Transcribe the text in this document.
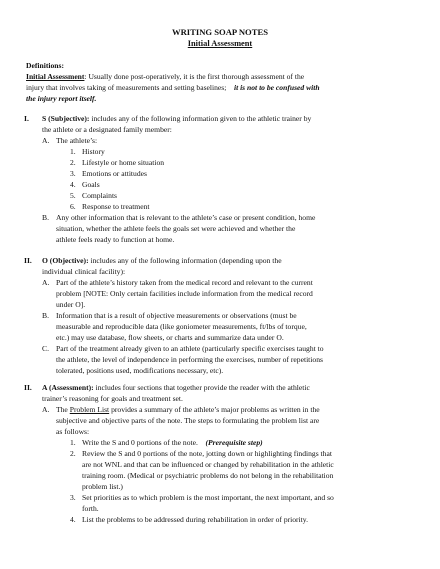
WRITING SOAP NOTES
Initial Assessment
Definitions:
Initial Assessment: Usually done post-operatively, it is the first thorough assessment of the
injury that involves taking of measurements and setting baselines; it is not to be confused with
the injury report itself.
I. S (Subjective): includes any of the following information given to the athletic trainer by
the athlete or a designated family member:
A. The athlete’s:
1. History
2. Lifestyle or home situation
3. Emotions or attitudes
4. Goals
5. Complaints
6. Response to treatment
B. Any other information that is relevant to the athlete’s case or present condition, home
situation, whether the athlete feels the goals set were achieved and whether the
athlete feels ready to function at home.
II. O (Objective): includes any of the following information (depending upon the
individual clinical facility):
A. Part of the athlete’s history taken from the medical record and relevant to the current
problem [NOTE: Only certain facilities include information from the medical record
under O].
B. Information that is a result of objective measurements or observations (must be
measurable and reproducible data (like goniometer measurements, ft/lbs of torque,
etc.) may use database, flow sheets, or charts and summarize data under O.
C. Part of the treatment already given to an athlete (particularly specific exercises taught to
the athlete, the level of independence in performing the exercises, number of repetitions
tolerated, positions used, modifications necessary, etc).
II. A (Assessment): includes four sections that together provide the reader with the athletic
trainer’s reasoning for goals and treatment set.
A. The Problem List provides a summary of the athlete’s major problems as written in the
subjective and objective parts of the note. The steps to formulating the problem list are
as follows:
1. Write the S and 0 portions of the note. (Prerequisite step)
2. Review the S and 0 portions of the note, jotting down or highlighting findings that
are not WNL and that can be influenced or changed by rehabilitation in the athletic
training room. (Medical or psychiatric problems do not belong in the rehabilitation
problem list.)
3. Set priorities as to which problem is the most important, the next important, and so
forth.
4. List the problems to be addressed during rehabilitation in order of priority.
